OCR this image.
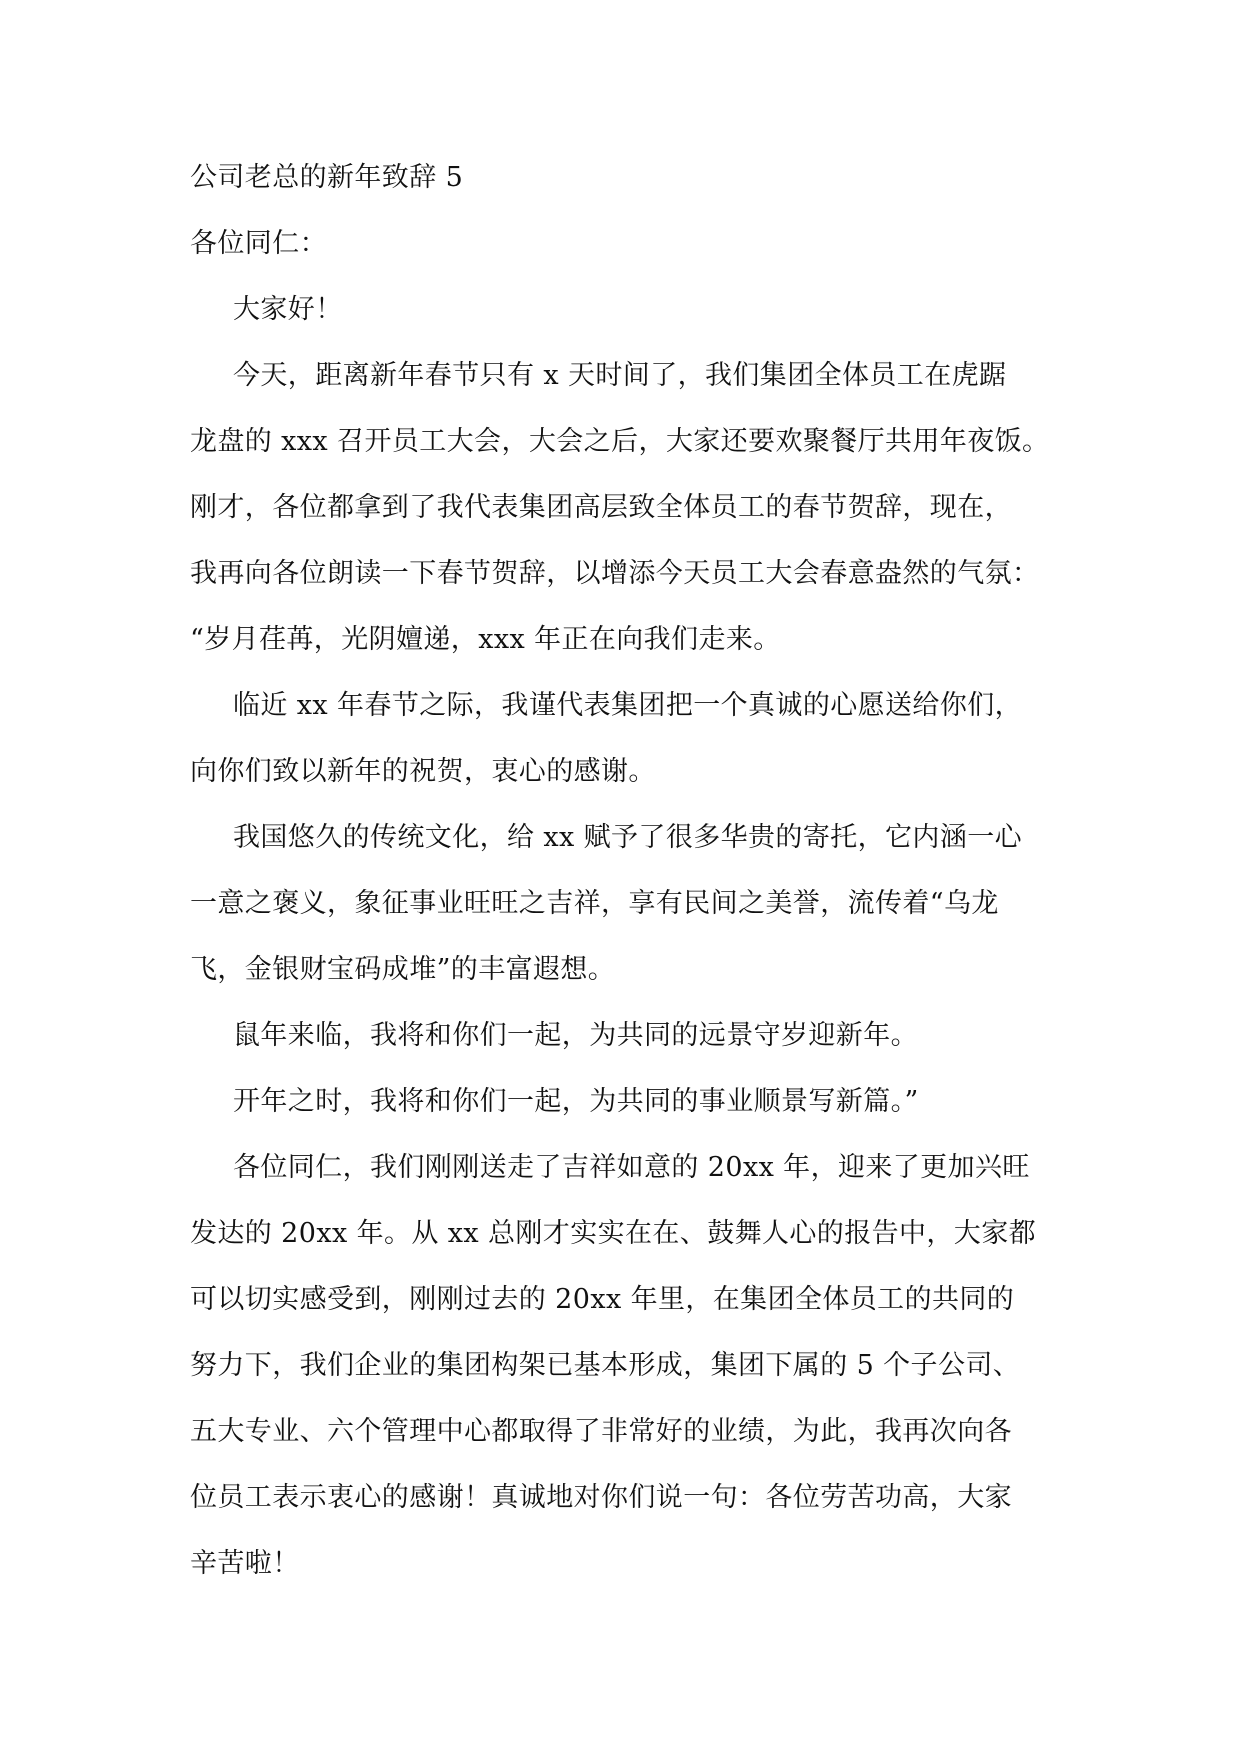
公司老总的新年致辞 5
各位同仁：
大家好！
今天，距离新年春节只有 x 天时间了，我们集团全体员工在虎踞
龙盘的 xxx 召开员工大会，大会之后，大家还要欢聚餐厅共用年夜饭。
刚才，各位都拿到了我代表集团高层致全体员工的春节贺辞，现在，
我再向各位朗读一下春节贺辞，以增添今天员工大会春意盎然的气氛：
“岁月荏苒，光阴嬗递，xxx 年正在向我们走来。
临近 xx 年春节之际，我谨代表集团把一个真诚的心愿送给你们，
向你们致以新年的祝贺，衷心的感谢。
我国悠久的传统文化，给 xx 赋予了很多华贵的寄托，它内涵一心
一意之褒义，象征事业旺旺之吉祥，享有民间之美誉，流传着“乌龙
飞，金银财宝码成堆”的丰富遐想。
鼠年来临，我将和你们一起，为共同的远景守岁迎新年。
开年之时，我将和你们一起，为共同的事业顺景写新篇。”
各位同仁，我们刚刚送走了吉祥如意的 20xx 年，迎来了更加兴旺
发达的 20xx 年。从 xx 总刚才实实在在、鼓舞人心的报告中，大家都
可以切实感受到，刚刚过去的 20xx 年里，在集团全体员工的共同的
努力下，我们企业的集团构架已基本形成，集团下属的 5 个子公司、
五大专业、六个管理中心都取得了非常好的业绩，为此，我再次向各
位员工表示衷心的感谢！真诚地对你们说一句：各位劳苦功高，大家
辛苦啦！
